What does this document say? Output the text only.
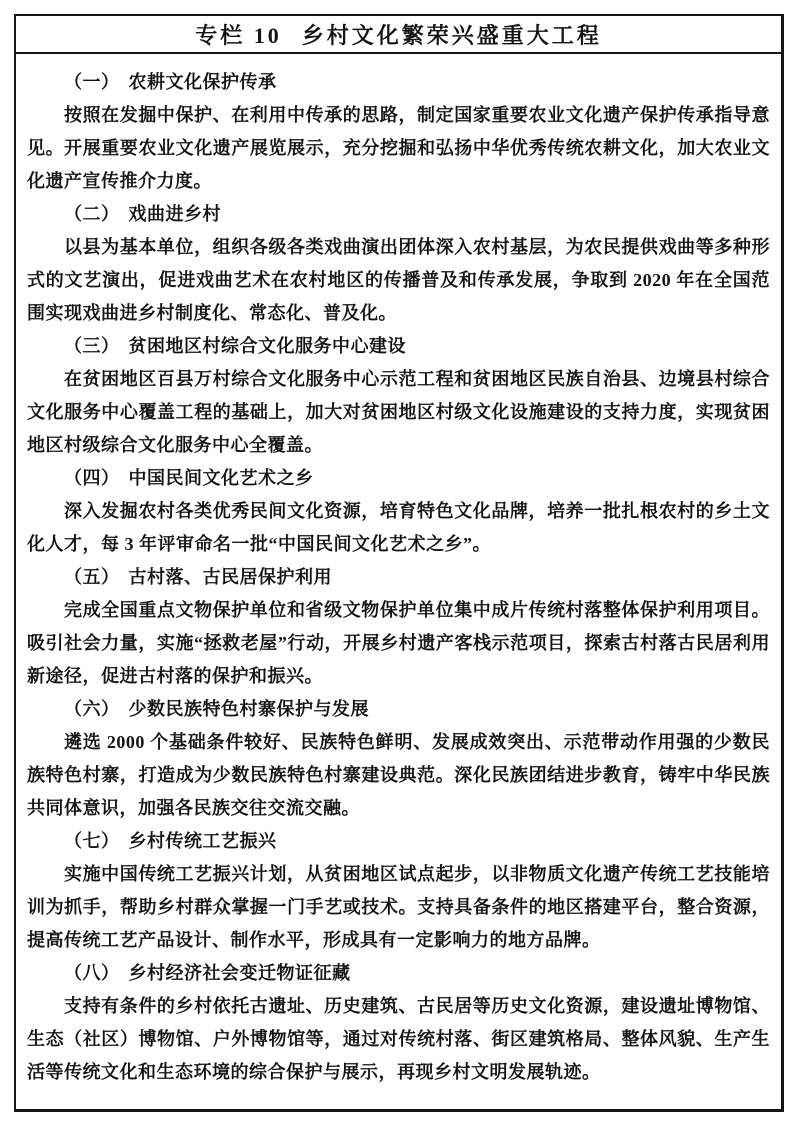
专栏 10 乡村文化繁荣兴盛重大工程
（一） 农耕文化保护传承

按照在发掘中保护、在利用中传承的思路，制定国家重要农业文化遗产保护传承指导意见。开展重要农业文化遗产展览展示，充分挖掘和弘扬中华优秀传统农耕文化，加大农业文化遗产宣传推介力度。

（二） 戏曲进乡村

以县为基本单位，组织各级各类戏曲演出团体深入农村基层，为农民提供戏曲等多种形式的文艺演出，促进戏曲艺术在农村地区的传播普及和传承发展，争取到 2020 年在全国范围实现戏曲进乡村制度化、常态化、普及化。

（三） 贫困地区村综合文化服务中心建设

在贫困地区百县万村综合文化服务中心示范工程和贫困地区民族自治县、边境县村综合文化服务中心覆盖工程的基础上，加大对贫困地区村级文化设施建设的支持力度，实现贫困地区村级综合文化服务中心全覆盖。

（四） 中国民间文化艺术之乡

深入发掘农村各类优秀民间文化资源，培育特色文化品牌，培养一批扎根农村的乡土文化人才，每 3 年评审命名一批“中国民间文化艺术之乡”。

（五） 古村落、古民居保护利用

完成全国重点文物保护单位和省级文物保护单位集中成片传统村落整体保护利用项目。吸引社会力量，实施“拯救老屋”行动，开展乡村遗产客栈示范项目，探索古村落古民居利用新途径，促进古村落的保护和振兴。

（六） 少数民族特色村寨保护与发展

遴选 2000 个基础条件较好、民族特色鲜明、发展成效突出、示范带动作用强的少数民族特色村寨，打造成为少数民族特色村寨建设典范。深化民族团结进步教育，铸牢中华民族共同体意识，加强各民族交往交流交融。

（七） 乡村传统工艺振兴

实施中国传统工艺振兴计划，从贫困地区试点起步，以非物质文化遗产传统工艺技能培训为抓手，帮助乡村群众掌握一门手艺或技术。支持具备条件的地区搭建平台，整合资源，提高传统工艺产品设计、制作水平，形成具有一定影响力的地方品牌。

（八） 乡村经济社会变迁物证征藏

支持有条件的乡村依托古遗址、历史建筑、古民居等历史文化资源，建设遗址博物馆、生态（社区）博物馆、户外博物馆等，通过对传统村落、街区建筑格局、整体风貌、生产生活等传统文化和生态环境的综合保护与展示，再现乡村文明发展轨迹。
